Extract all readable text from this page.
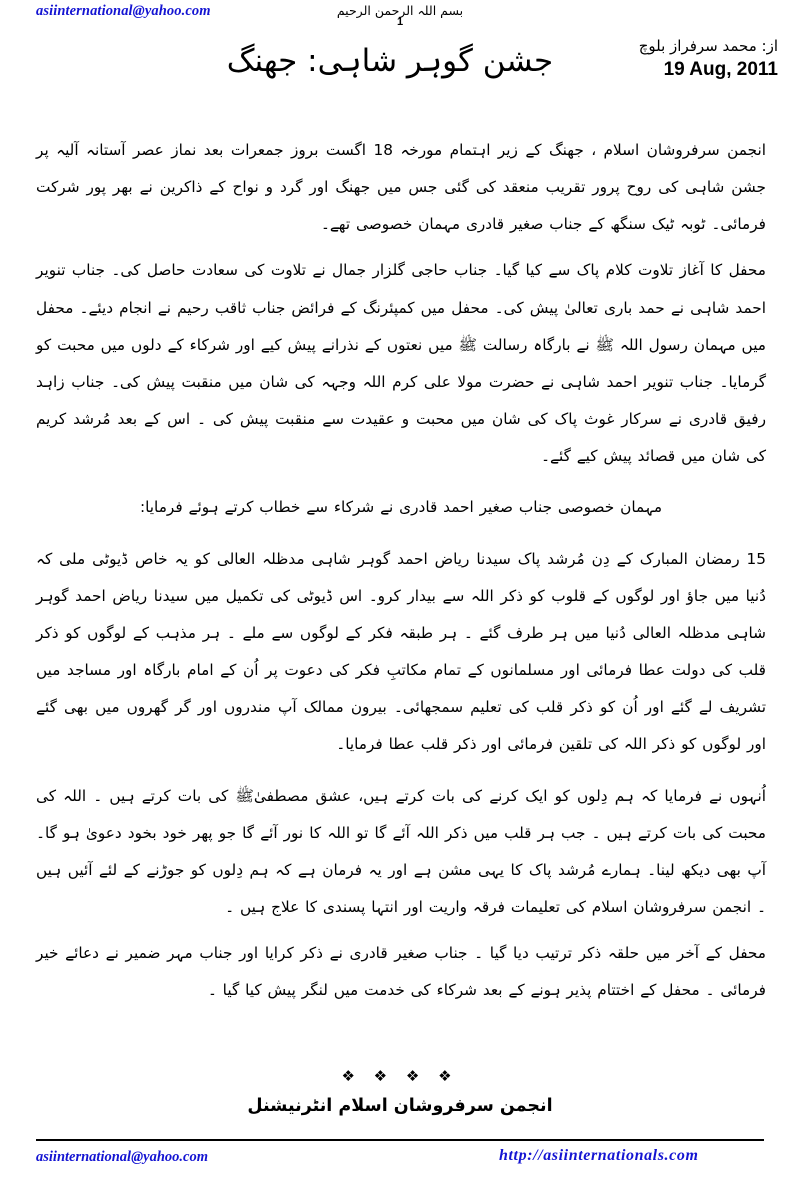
asiinternational@yahoo.com	بسم اللہ الرحمن الرحیم
1
جشن گوہر شاہی: جھنگ	از: محمد سرفراز بلوچ
19 Aug, 2011

انجمن سرفروشان اسلام ، جھنگ کے زیر اہتمام مورخہ 18 اگست بروز جمعرات بعد نماز عصر آستانہ آلیہ پر جشن شاہی کی روح پرور تقریب منعقد کی گئی جس میں جھنگ اور گرد و نواح کے ذاکرین نے بھر پور شرکت فرمائی۔ ٹوبہ ٹیک سنگھ کے جناب صغیر قادری مہمان خصوصی تھے۔

محفل کا آغاز تلاوت کلام پاک سے کیا گیا۔ جناب حاجی گلزار جمال نے تلاوت کی سعادت حاصل کی۔ جناب تنویر احمد شاہی نے حمد باری تعالیٰ پیش کی۔ محفل میں کمپئرنگ کے فرائض جناب ثاقب رحیم نے انجام دیئے۔ محفل میں مہمان رسول اللہ ﷺ نے بارگاہ رسالت ﷺ میں نعتوں کے نذرانے پیش کیے اور شرکاء کے دلوں میں محبت کو گرمایا۔ جناب تنویر احمد شاہی نے حضرت مولا علی کرم اللہ وجہہ کی شان میں منقبت پیش کی۔ جناب زاہد رفیق قادری نے سرکار غوث پاک کی شان میں محبت و عقیدت سے منقبت پیش کی ۔ اس کے بعد مُرشد کریم کی شان میں قصائد پیش کیے گئے۔

مہمان خصوصی جناب صغیر احمد قادری نے شرکاء سے خطاب کرتے ہوئے فرمایا:

15 رمضان المبارک کے دِن مُرشد پاک سیدنا ریاض احمد گوہر شاہی مدظلہ العالی کو یہ خاص ڈیوٹی ملی کہ دُنیا میں جاؤ اور لوگوں کے قلوب کو ذکر اللہ سے بیدار کرو۔ اس ڈیوٹی کی تکمیل میں سیدنا ریاض احمد گوہر شاہی مدظلہ العالی دُنیا میں ہر طرف گئے ۔ ہر طبقہ فکر کے لوگوں سے ملے ۔ ہر مذہب کے لوگوں کو ذکر قلب کی دولت عطا فرمائی اور مسلمانوں کے تمام مکاتبِ فکر کی دعوت پر اُن کے امام بارگاہ اور مساجد میں تشریف لے گئے اور اُن کو ذکر قلب کی تعلیم سمجھائی۔ بیرون ممالک آپ مندروں اور گر گھروں میں بھی گئے اور لوگوں کو ذکر اللہ کی تلقین فرمائی اور ذکر قلب عطا فرمایا۔

اُنہوں نے فرمایا کہ ہم دِلوں کو ایک کرنے کی بات کرتے ہیں، عشق مصطفیٰﷺ کی بات کرتے ہیں ۔ اللہ کی محبت کی بات کرتے ہیں ۔ جب ہر قلب میں ذکر اللہ آئے گا تو اللہ کا نور آئے گا جو پھر خود بخود دعویٰ ہو گا۔ آپ بھی دیکھ لینا۔ ہمارے مُرشد پاک کا یہی مشن ہے اور یہ فرمان ہے کہ ہم دِلوں کو جوڑنے کے لئے آئیں ہیں ۔ انجمن سرفروشان اسلام کی تعلیمات فرقہ واریت اور انتہا پسندی کا علاج ہیں ۔

محفل کے آخر میں حلقہ ذکر ترتیب دیا گیا ۔ جناب صغیر قادری نے ذکر کرایا اور جناب مہر ضمیر نے دعائے خیر فرمائی ۔ محفل کے اختتام پذیر ہونے کے بعد شرکاء کی خدمت میں لنگر پیش کیا گیا ۔

❖ ❖ ❖ ❖
انجمن سرفروشان اسلام انٹرنیشنل
asiinternational@yahoo.com	http://asiinternationals.com
